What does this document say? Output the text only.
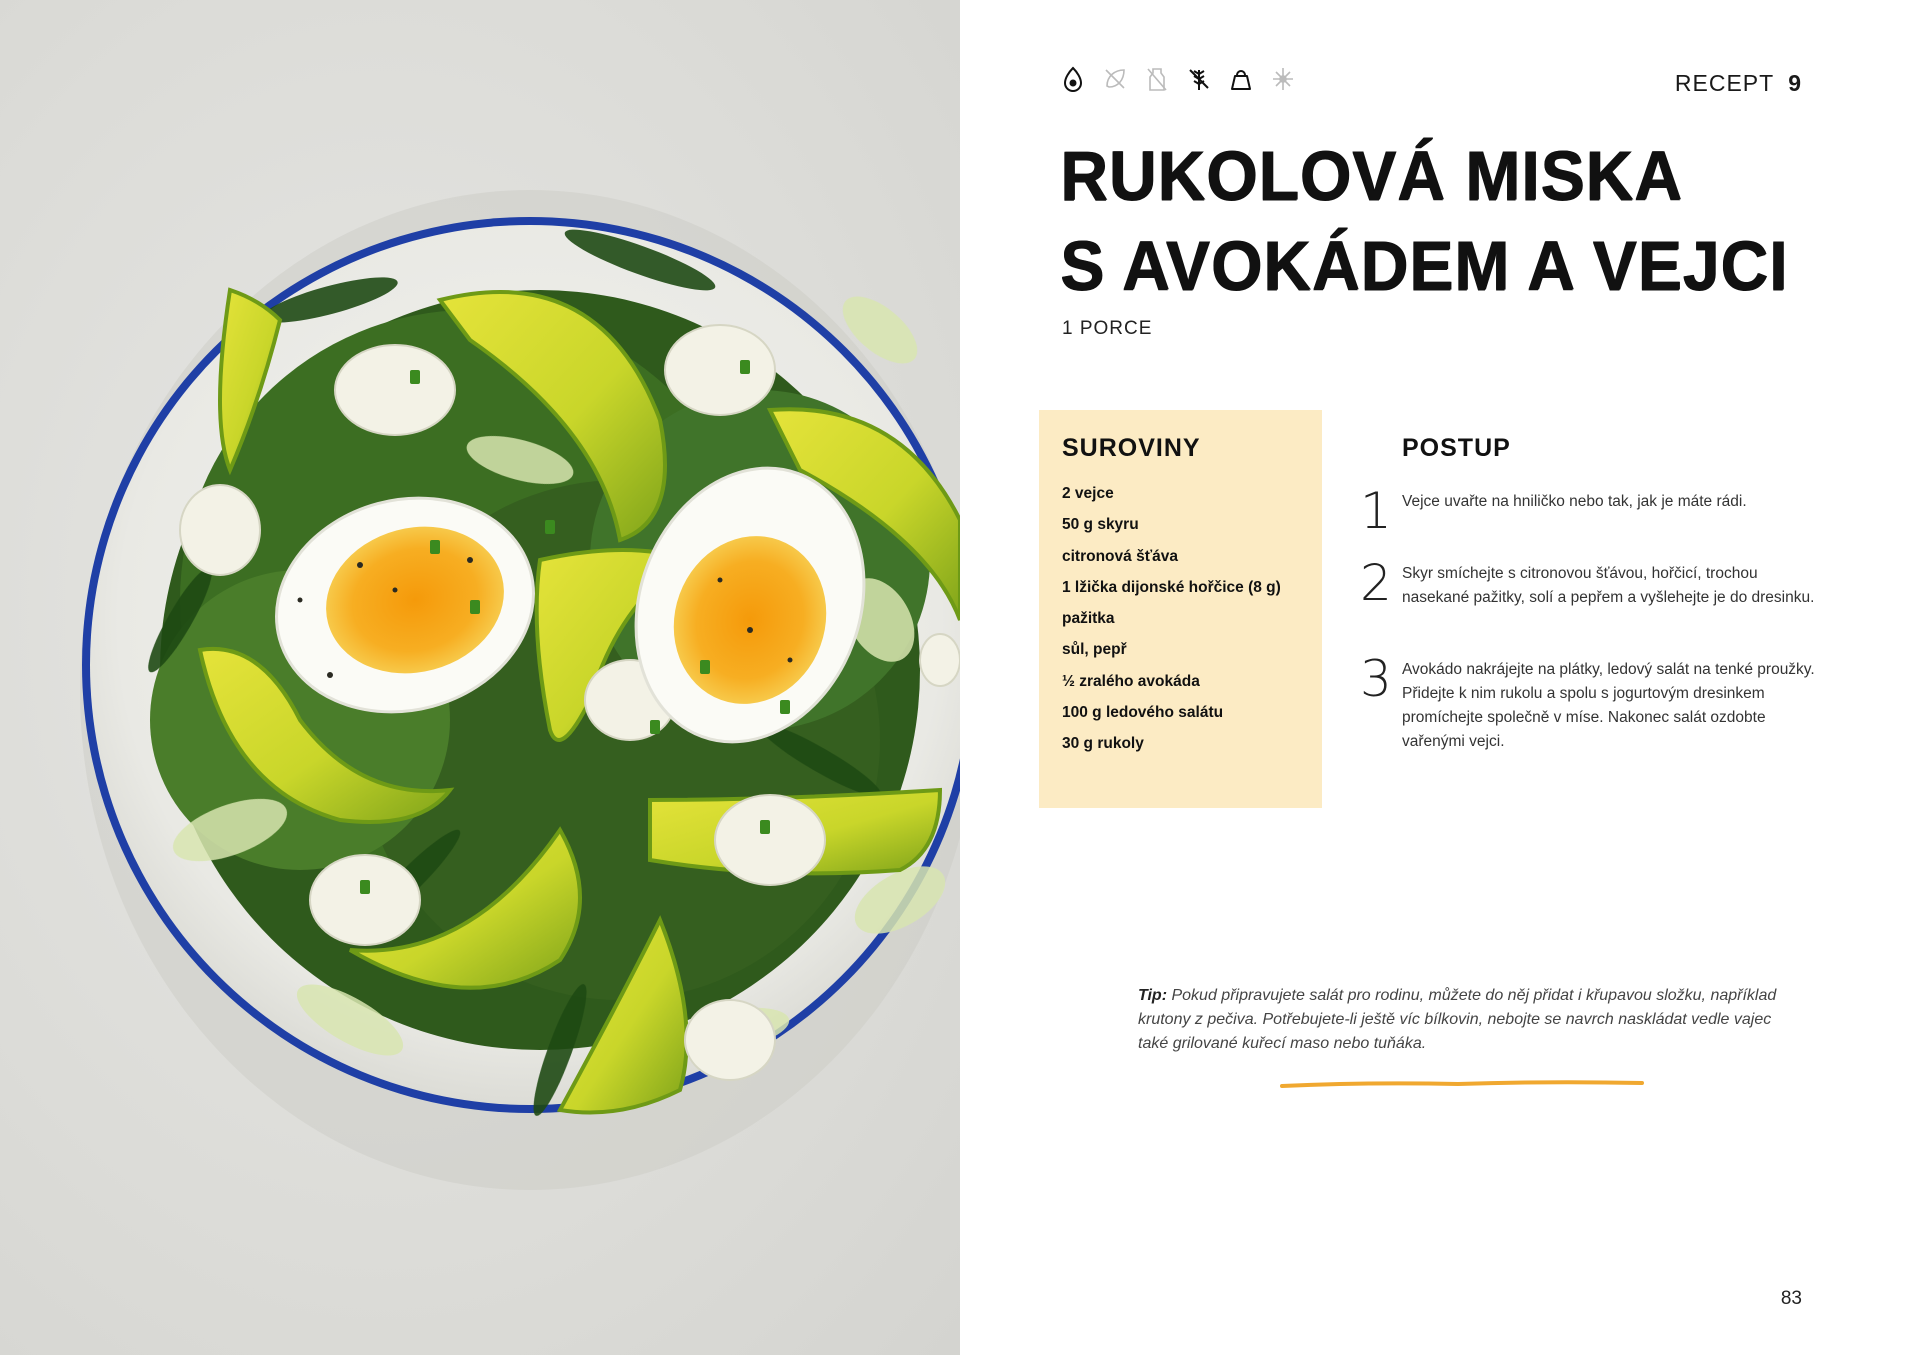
RECEPT 9
RUKOLOVÁ MISKA
S AVOKÁDEM A VEJCI
1 PORCE
SUROVINY
2 vejce
50 g skyru
citronová šťáva
1 lžička dijonské hořčice (8 g)
pažitka
sůl, pepř
½ zralého avokáda
100 g ledového salátu
30 g rukoly
POSTUP
1 Vejce uvařte na hniličko nebo tak, jak je máte rádi.

2 Skyr smíchejte s citronovou šťávou, hořčicí, trochou nasekané pažitky, solí a pepřem a vyšlehejte je do dresinku.

3 Avokádo nakrájejte na plátky, ledový salát na tenké proužky. Přidejte k nim rukolu a spolu s jogurtovým dresinkem promíchejte společně v míse. Nakonec salát ozdobte vařenými vejci.

Tip: Pokud připravujete salát pro rodinu, můžete do něj přidat i křupavou složku, například krutony z pečiva. Potřebujete-li ještě víc bílkovin, nebojte se navrch naskládat vedle vajec také grilované kuřecí maso nebo tuňáka.

83
